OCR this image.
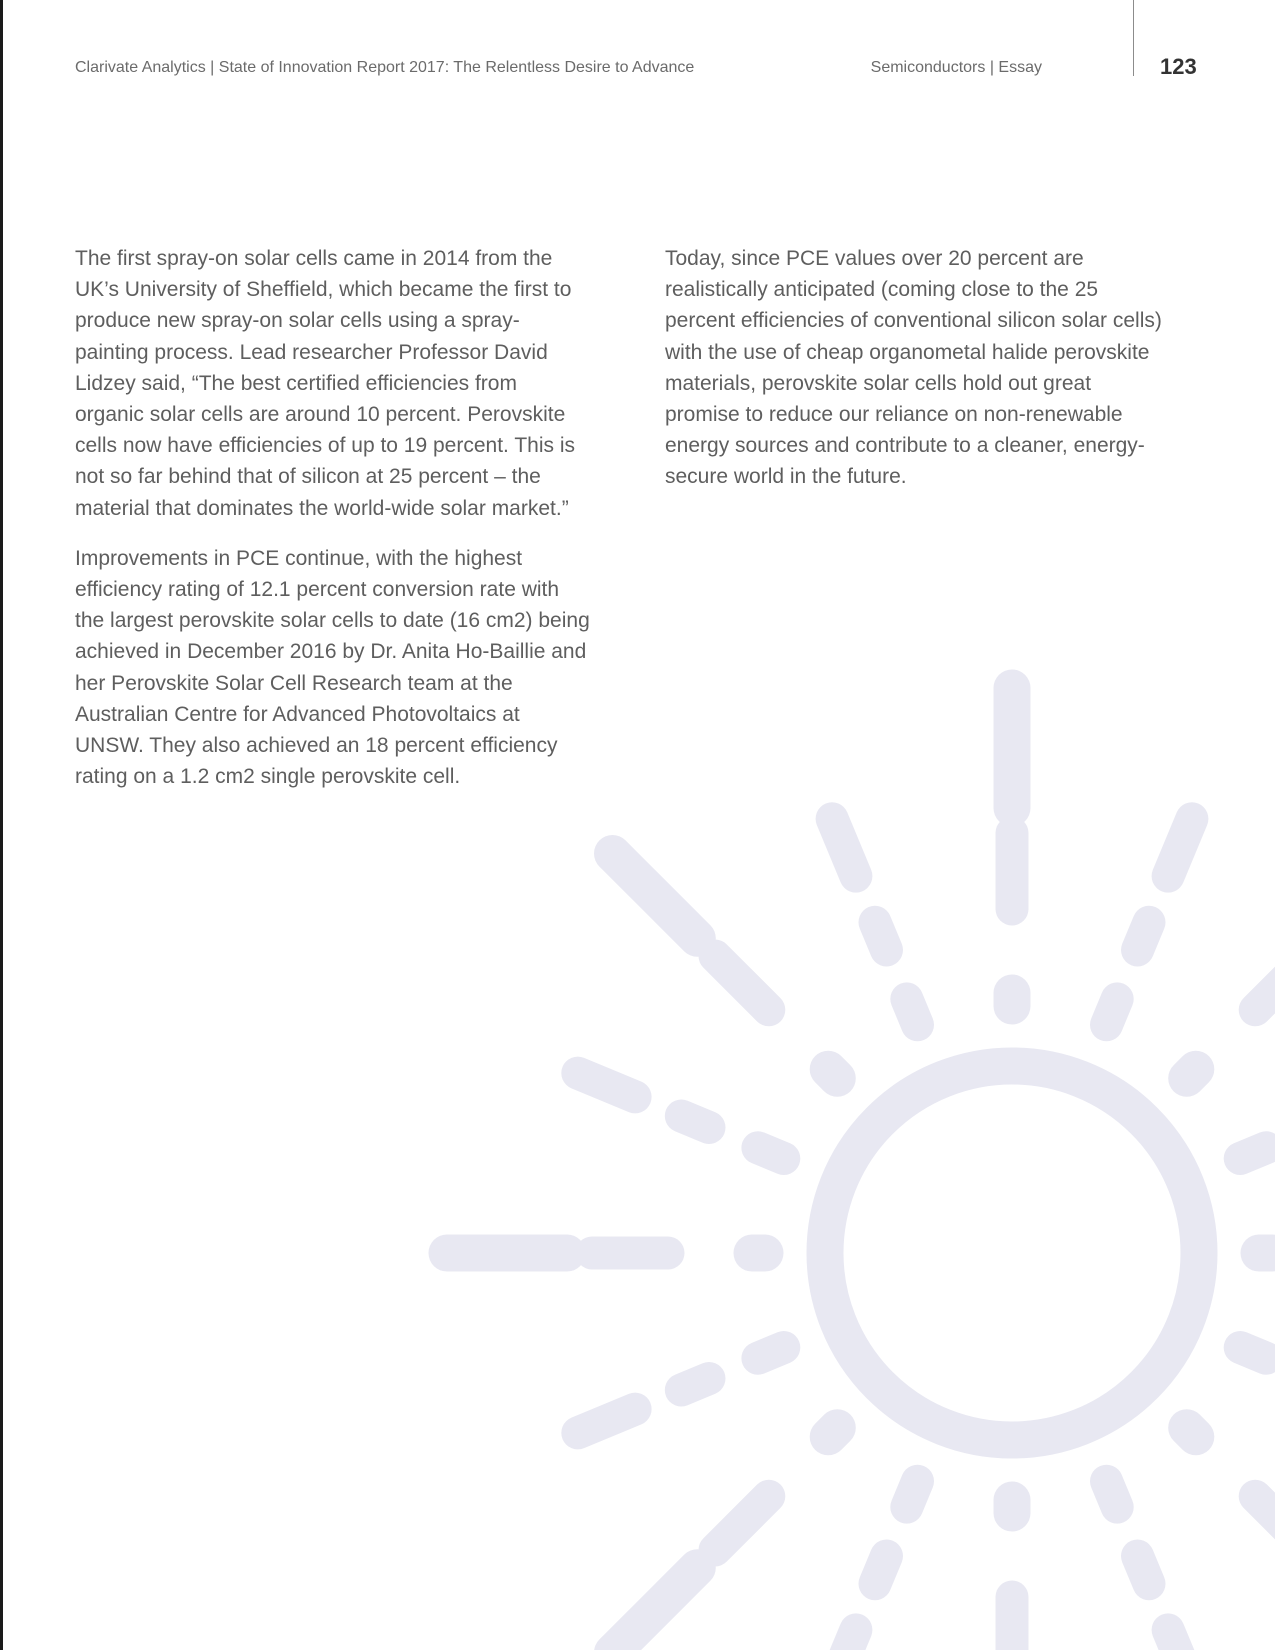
Clarivate Analytics | State of Innovation Report 2017: The Relentless Desire to Advance	Semiconductors | Essay	123

The first spray-on solar cells came in 2014 from the UK’s University of Sheffield, which became the first to produce new spray-on solar cells using a spray-painting process. Lead researcher Professor David Lidzey said, “The best certified efficiencies from organic solar cells are around 10 percent. Perovskite cells now have efficiencies of up to 19 percent. This is not so far behind that of silicon at 25 percent – the material that dominates the world-wide solar market.”

Improvements in PCE continue, with the highest efficiency rating of 12.1 percent conversion rate with the largest perovskite solar cells to date (16 cm2) being achieved in December 2016 by Dr. Anita Ho-Baillie and her Perovskite Solar Cell Research team at the Australian Centre for Advanced Photovoltaics at UNSW. They also achieved an 18 percent efficiency rating on a 1.2 cm2 single perovskite cell.

Today, since PCE values over 20 percent are realistically anticipated (coming close to the 25 percent efficiencies of conventional silicon solar cells) with the use of cheap organometal halide perovskite materials, perovskite solar cells hold out great promise to reduce our reliance on non-renewable energy sources and contribute to a cleaner, energy-secure world in the future.
